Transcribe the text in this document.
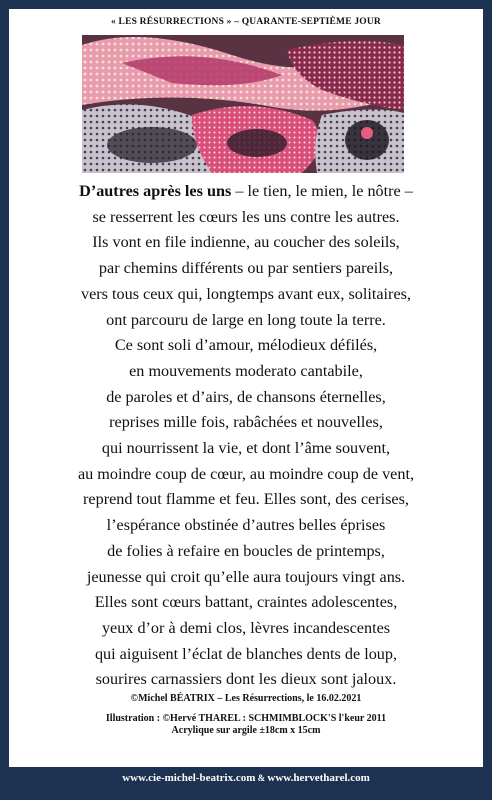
« LES RÉSURRECTIONS » – QUARANTE-SEPTIÈME JOUR
D’autres après les uns – le tien, le mien, le nôtre –
se resserrent les cœurs les uns contre les autres.
Ils vont en file indienne, au coucher des soleils,
par chemins différents ou par sentiers pareils,
vers tous ceux qui, longtemps avant eux, solitaires,
ont parcouru de large en long toute la terre.
Ce sont soli d’amour, mélodieux défilés,
en mouvements moderato cantabile,
de paroles et d’airs, de chansons éternelles,
reprises mille fois, rabâchées et nouvelles,
qui nourrissent la vie, et dont l’âme souvent,
au moindre coup de cœur, au moindre coup de vent,
reprend tout flamme et feu. Elles sont, des cerises,
l’espérance obstinée d’autres belles éprises
de folies à refaire en boucles de printemps,
jeunesse qui croit qu’elle aura toujours vingt ans.
Elles sont cœurs battant, craintes adolescentes,
yeux d’or à demi clos, lèvres incandescentes
qui aiguisent l’éclat de blanches dents de loup,
sourires carnassiers dont les dieux sont jaloux.
©Michel BÉATRIX – Les Résurrections, le 16.02.2021
Illustration : ©Hervé THAREL : SCHMIMBLOCK'S l'keur 2011
Acrylique sur argile ±18cm x 15cm
www.cie-michel-beatrix.com & www.hervetharel.com
